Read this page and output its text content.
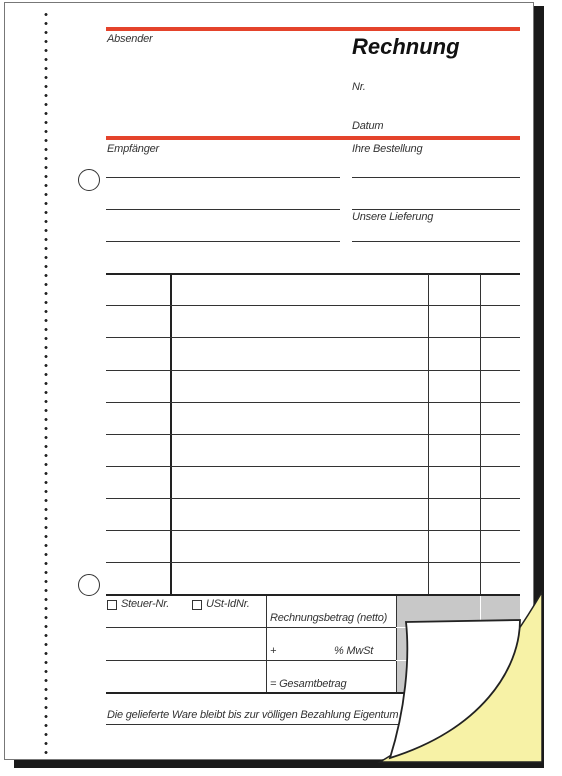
Absender	Rechnung
Nr.
Datum
Empfänger	Ihre Bestellung
Unsere Lieferung
Steuer-Nr.	USt-IdNr.
Rechnungsbetrag (netto)
+	% MwSt
= Gesamtbetrag
Die gelieferte Ware bleibt bis zur völligen Bezahlung Eigentum
